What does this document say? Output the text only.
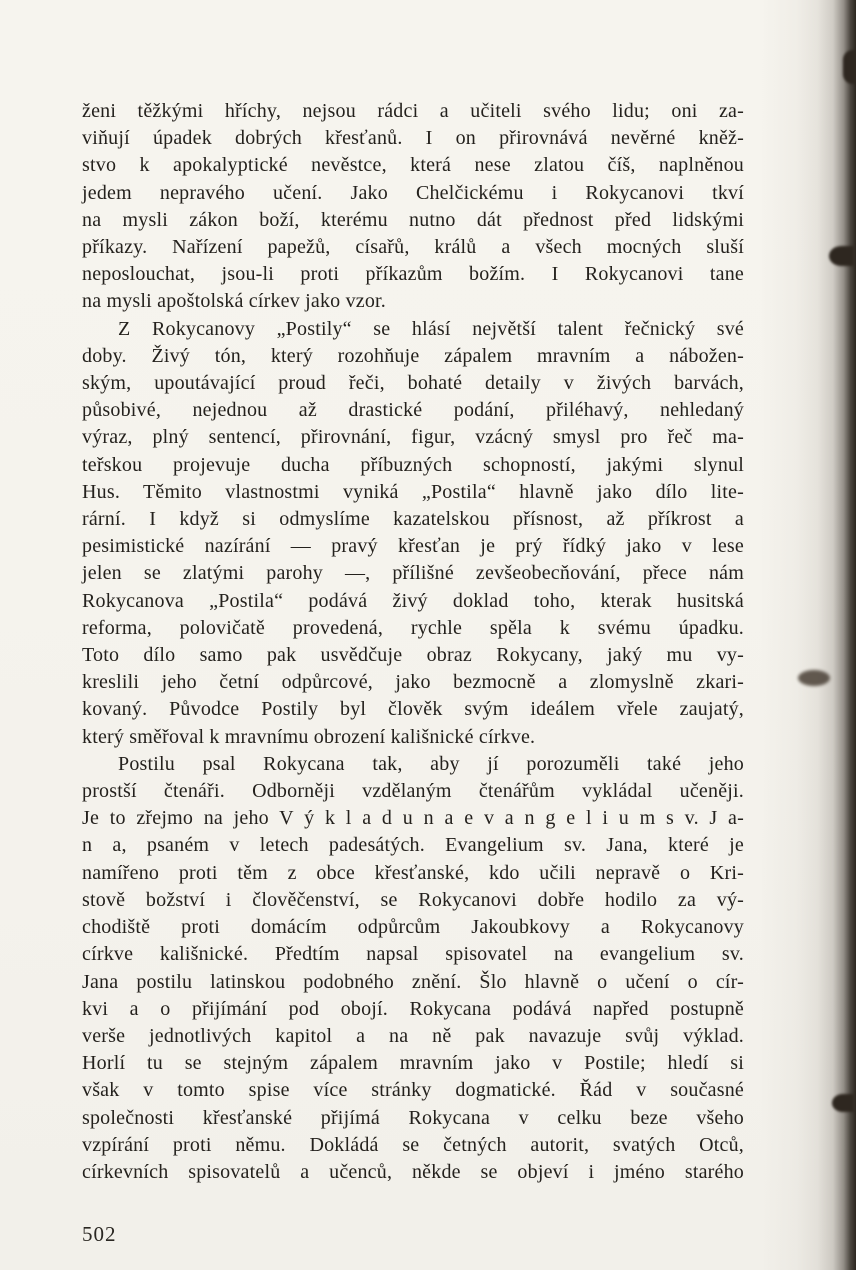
ženi těžkými hříchy, nejsou rádci a učiteli svého lidu; oni za-
viňují úpadek dobrých křesťanů. I on přirovnává nevěrné kněž-
stvo k apokalyptické nevěstce, která nese zlatou číš, naplněnou
jedem nepravého učení. Jako Chelčickému i Rokycanovi tkví
na mysli zákon boží, kterému nutno dát přednost před lidskými
příkazy. Nařízení papežů, císařů, králů a všech mocných sluší
neposlouchat, jsou-li proti příkazům božím. I Rokycanovi tane
na mysli apoštolská církev jako vzor.
Z Rokycanovy „Postily“ se hlásí největší talent řečnický své
doby. Živý tón, který rozohňuje zápalem mravním a nábožen-
ským, upoutávající proud řeči, bohaté detaily v živých barvách,
působivé, nejednou až drastické podání, přiléhavý, nehledaný
výraz, plný sentencí, přirovnání, figur, vzácný smysl pro řeč ma-
teřskou projevuje ducha příbuzných schopností, jakými slynul
Hus. Těmito vlastnostmi vyniká „Postila“ hlavně jako dílo lite-
rární. I když si odmyslíme kazatelskou přísnost, až příkrost a
pesimistické nazírání — pravý křesťan je prý řídký jako v lese
jelen se zlatými parohy —, přílišné zevšeobecňování, přece nám
Rokycanova „Postila“ podává živý doklad toho, kterak husitská
reforma, polovičatě provedená, rychle spěla k svému úpadku.
Toto dílo samo pak usvědčuje obraz Rokycany, jaký mu vy-
kreslili jeho četní odpůrcové, jako bezmocně a zlomyslně zkari-
kovaný. Původce Postily byl člověk svým ideálem vřele zaujatý,
který směřoval k mravnímu obrození kališnické církve.
Postilu psal Rokycana tak, aby jí porozuměli také jeho
prostší čtenáři. Odborněji vzdělaným čtenářům vykládal učeněji.
Je to zřejmo na jeho V ý k l a d u n a e v a n g e l i u m s v. J a-
n a, psaném v letech padesátých. Evangelium sv. Jana, které je
namířeno proti těm z obce křesťanské, kdo učili nepravě o Kri-
stově božství i člověčenství, se Rokycanovi dobře hodilo za vý-
chodiště proti domácím odpůrcům Jakoubkovy a Rokycanovy
církve kališnické. Předtím napsal spisovatel na evangelium sv.
Jana postilu latinskou podobného znění. Šlo hlavně o učení o cír-
kvi a o přijímání pod obojí. Rokycana podává napřed postupně
verše jednotlivých kapitol a na ně pak navazuje svůj výklad.
Horlí tu se stejným zápalem mravním jako v Postile; hledí si
však v tomto spise více stránky dogmatické. Řád v současné
společnosti křesťanské přijímá Rokycana v celku beze všeho
vzpírání proti němu. Dokládá se četných autorit, svatých Otců,
církevních spisovatelů a učenců, někde se objeví i jméno starého
502
